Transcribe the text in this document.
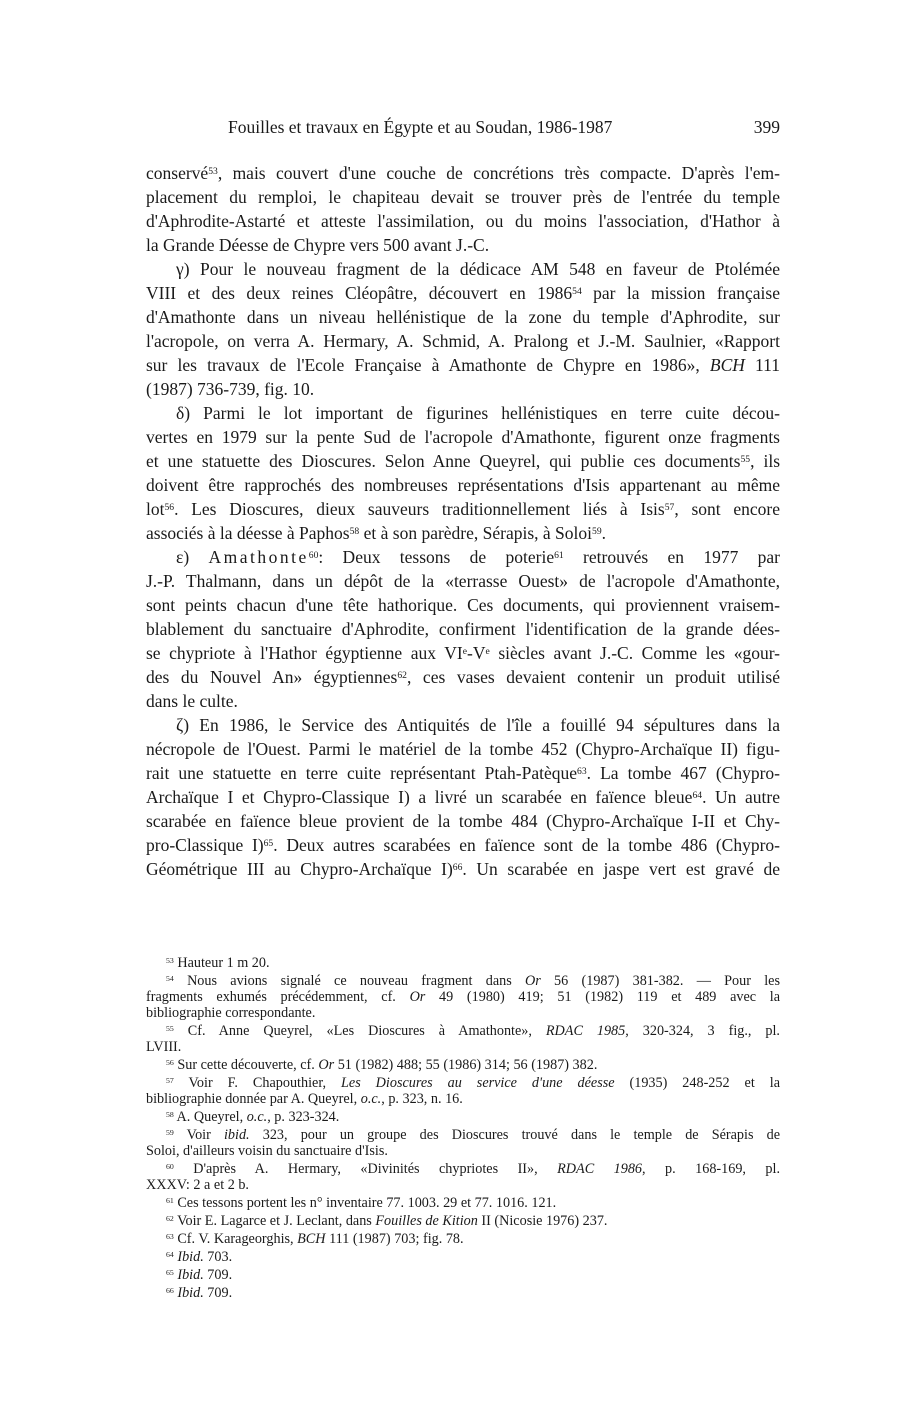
Fouilles et travaux en Égypte et au Soudan, 1986-1987	399
conservé$^{53}$, mais couvert d'une couche de concrétions très compacte. D'après l'em-
placement du remploi, le chapiteau devait se trouver près de l'entrée du temple
d'Aphrodite-Astarté et atteste l'assimilation, ou du moins l'association, d'Hathor à
la Grande Déesse de Chypre vers 500 avant J.-C.
γ) Pour le nouveau fragment de la dédicace AM 548 en faveur de Ptolémée
VIII et des deux reines Cléopâtre, découvert en 1986$^{54}$ par la mission française
d'Amathonte dans un niveau hellénistique de la zone du temple d'Aphrodite, sur
l'acropole, on verra A. Hermary, A. Schmid, A. Pralong et J.-M. Saulnier, «Rapport
sur les travaux de l'Ecole Française à Amathonte de Chypre en 1986», BCH 111
(1987) 736-739, fig. 10.
δ) Parmi le lot important de figurines hellénistiques en terre cuite décou-
vertes en 1979 sur la pente Sud de l'acropole d'Amathonte, figurent onze fragments
et une statuette des Dioscures. Selon Anne Queyrel, qui publie ces documents$^{55}$, ils
doivent être rapprochés des nombreuses représentations d'Isis appartenant au même
lot$^{56}$. Les Dioscures, dieux sauveurs traditionnellement liés à Isis$^{57}$, sont encore
associés à la déesse à Paphos$^{58}$ et à son parèdre, Sérapis, à Soloi$^{59}$.
ε) Amathonte$^{60}$: Deux tessons de poterie$^{61}$ retrouvés en 1977 par
J.-P. Thalmann, dans un dépôt de la «terrasse Ouest» de l'acropole d'Amathonte,
sont peints chacun d'une tête hathorique. Ces documents, qui proviennent vraisem-
blablement du sanctuaire d'Aphrodite, confirment l'identification de la grande dées-
se chypriote à l'Hathor égyptienne aux VIe-Ve siècles avant J.-C. Comme les «gour-
des du Nouvel An» égyptiennes$^{62}$, ces vases devaient contenir un produit utilisé
dans le culte.
ζ) En 1986, le Service des Antiquités de l'île a fouillé 94 sépultures dans la
nécropole de l'Ouest. Parmi le matériel de la tombe 452 (Chypro-Archaïque II) figu-
rait une statuette en terre cuite représentant Ptah-Patèque$^{63}$. La tombe 467 (Chypro-
Archaïque I et Chypro-Classique I) a livré un scarabée en faïence bleue$^{64}$. Un autre
scarabée en faïence bleue provient de la tombe 484 (Chypro-Archaïque I-II et Chy-
pro-Classique I)$^{65}$. Deux autres scarabées en faïence sont de la tombe 486 (Chypro-
Géométrique III au Chypro-Archaïque I)$^{66}$. Un scarabée en jaspe vert est gravé de
$^{53}$ Hauteur 1 m 20.
$^{54}$ Nous avions signalé ce nouveau fragment dans Or 56 (1987) 381-382. — Pour les
fragments exhumés précédemment, cf. Or 49 (1980) 419; 51 (1982) 119 et 489 avec la
bibliographie correspondante.
$^{55}$ Cf. Anne Queyrel, «Les Dioscures à Amathonte», RDAC 1985, 320-324, 3 fig., pl.
LVIII.
$^{56}$ Sur cette découverte, cf. Or 51 (1982) 488; 55 (1986) 314; 56 (1987) 382.
$^{57}$ Voir F. Chapouthier, Les Dioscures au service d'une déesse (1935) 248-252 et la
bibliographie donnée par A. Queyrel, o.c., p. 323, n. 16.
$^{58}$ A. Queyrel, o.c., p. 323-324.
$^{59}$ Voir ibid. 323, pour un groupe des Dioscures trouvé dans le temple de Sérapis de
Soloi, d'ailleurs voisin du sanctuaire d'Isis.
$^{60}$ D'après A. Hermary, «Divinités chypriotes II», RDAC 1986, p. 168-169, pl.
XXXV: 2 a et 2 b.
$^{61}$ Ces tessons portent les n° inventaire 77. 1003. 29 et 77. 1016. 121.
$^{62}$ Voir E. Lagarce et J. Leclant, dans Fouilles de Kition II (Nicosie 1976) 237.
$^{63}$ Cf. V. Karageorghis, BCH 111 (1987) 703; fig. 78.
$^{64}$ Ibid. 703.
$^{65}$ Ibid. 709.
$^{66}$ Ibid. 709.
